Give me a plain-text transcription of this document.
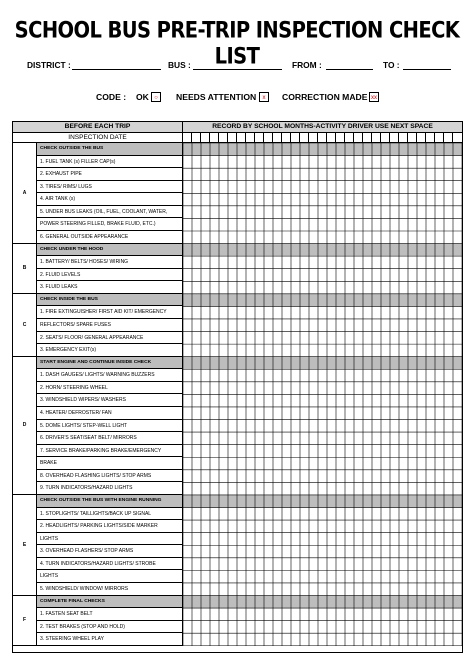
SCHOOL BUS PRE-TRIP INSPECTION CHECK LIST
DISTRICT :	BUS :	FROM :	TO :
CODE : OK ○	NEEDS ATTENTION	x	CORRECTION MADE xx
BEFORE EACH TRIP	RECORD BY SCHOOL MONTHS-ACTIVITY DRIVER USE NEXT SPACE
INSPECTION DATE
CHECK OUTSIDE THE BUS
1. FUEL TANK (s) FILLER CAP(s)
2. EXHAUST PIPE
3. TIRES/ RIMS/ LUGS
4. AIR TANK (s)
5. UNDER BUS LEAKS (OIL, FUEL, COOLANT, WATER,
POWER STEERING FILLED, BRAKE FLUID, ETC.)
6. GENERAL OUTSIDE APPEARANCE
A
CHECK UNDER THE HOOD
1. BATTERY/ BELTS/ HOSES/ WIRING
2. FLUID LEVELS
3. FLUID LEAKS
B
CHECK INSIDE THE BUS
1. FIRE EXTINGUISHER/ FIRST AID KIT/ EMERGENCY
REFLECTORS/ SPARE FUSES
2. SEATS/ FLOOR/ GENERAL APPEARANCE
3. EMERGENCY EXIT(s)
C
START ENGINE AND CONTINUE INSIDE CHECK
1. DASH GAUGES/ LIGHTS/ WARNING BUZZERS
2. HORN/ STEERING WHEEL
3. WINDSHIELD WIPERS/ WASHERS
4. HEATER/ DEFROSTER/ FAN
5. DOME LIGHTS/ STEP-WELL LIGHT
6. DRIVER'S SEAT/SEAT BELT/ MIRRORS
7. SERVICE BRAKE/PARKING BRAKE/EMERGENCY
BRAKE
8. OVERHEAD FLASHING LIGHTS/ STOP ARMS
9. TURN INDICATORS/HAZARD LIGHTS
D
CHECK OUTSIDE THE BUS WITH ENGINE RUNNING
1. STOPLIGHTS/ TAILLIGHTS/BACK UP SIGNAL
2. HEADLIGHTS/ PARKING LIGHTS/SIDE MARKER
LIGHTS
3. OVERHEAD FLASHERS/ STOP ARMS
4. TURN INDICATORS/HAZARD LIGHTS/ STROBE
LIGHTS
5. WINDSHIELD/ WINDOW/ MIRRORS
E
COMPLETE FINAL CHECKS
1. FASTEN SEAT BELT
2. TEST BRAKES (STOP AND HOLD)
3. STEERING WHEEL PLAY
F
